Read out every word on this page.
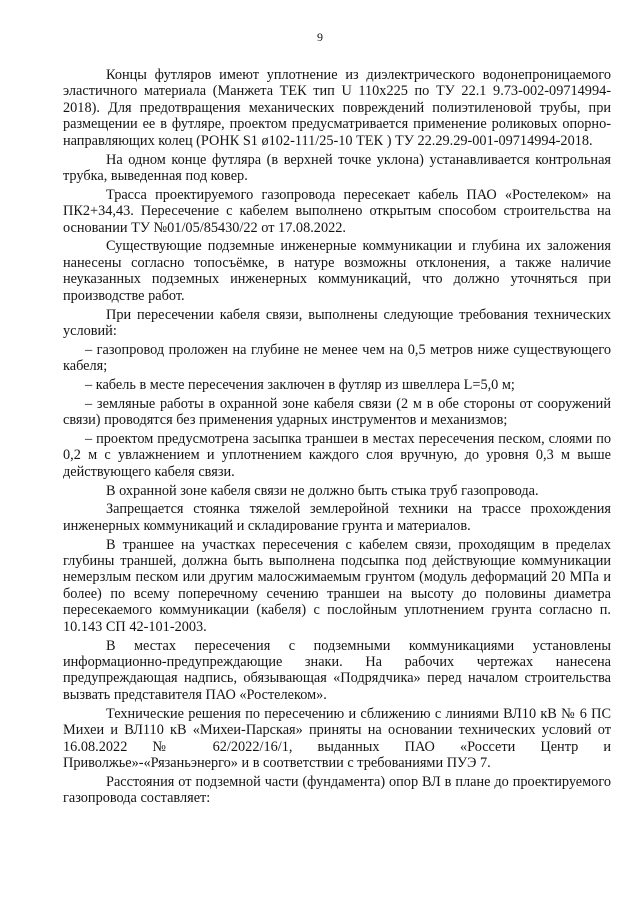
9

Концы футляров имеют уплотнение из диэлектрического водонепроницаемого эластичного материала (Манжета ТЕК тип U 110х225 по ТУ 22.1 9.73-002-09714994-2018). Для предотвращения механических повреждений полиэтиленовой трубы, при размещении ее в футляре, проектом предусматривается применение роликовых опорно-направляющих колец (РОНК S1 ø102-111/25-10 ТЕК ) ТУ 22.29.29-001-09714994-2018.

На одном конце футляра (в верхней точке уклона) устанавливается контрольная трубка, выведенная под ковер.

Трасса проектируемого газопровода пересекает кабель ПАО «Ростелеком» на ПК2+34,43. Пересечение с кабелем выполнено открытым способом строительства на основании ТУ №01/05/85430/22 от 17.08.2022.

Существующие подземные инженерные коммуникации и глубина их заложения нанесены согласно топосъёмке, в натуре возможны отклонения, а также наличие неуказанных подземных инженерных коммуникаций, что должно уточняться при производстве работ.

При пересечении кабеля связи, выполнены следующие требования технических условий:

– газопровод проложен на глубине не менее чем на 0,5 метров ниже существующего кабеля;

– кабель в месте пересечения заключен в футляр из швеллера L=5,0 м;

– земляные работы в охранной зоне кабеля связи (2 м в обе стороны от сооружений связи) проводятся без применения ударных инструментов и механизмов;

– проектом предусмотрена засыпка траншеи в местах пересечения песком, слоями по 0,2 м с увлажнением и уплотнением каждого слоя вручную, до уровня 0,3 м выше действующего кабеля связи.

В охранной зоне кабеля связи не должно быть стыка труб газопровода.

Запрещается стоянка тяжелой землеройной техники на трассе прохождения инженерных коммуникаций и складирование грунта и материалов.

В траншее на участках пересечения с кабелем связи, проходящим в пределах глубины траншей, должна быть выполнена подсыпка под действующие коммуникации немерзлым песком или другим малосжимаемым грунтом (модуль деформаций 20 МПа и более) по всему поперечному сечению траншеи на высоту до половины диаметра пересекаемого коммуникации (кабеля) с послойным уплотнением грунта согласно п. 10.143 СП 42-101-2003.

В местах пересечения с подземными коммуникациями установлены информационно-предупреждающие знаки. На рабочих чертежах нанесена предупреждающая надпись, обязывающая «Подрядчика» перед началом строительства вызвать представителя ПАО «Ростелеком».

Технические решения по пересечению и сближению с линиями ВЛ10 кВ № 6 ПС Михеи и ВЛ110 кВ «Михеи-Парская» приняты на основании технических условий от 16.08.2022 № 62/2022/16/1, выданных ПАО «Россети Центр и Приволжье»-«Рязаньэнерго» и в соответствии с требованиями ПУЭ 7.

Расстояния от подземной части (фундамента) опор ВЛ в плане до проектируемого газопровода составляет:
